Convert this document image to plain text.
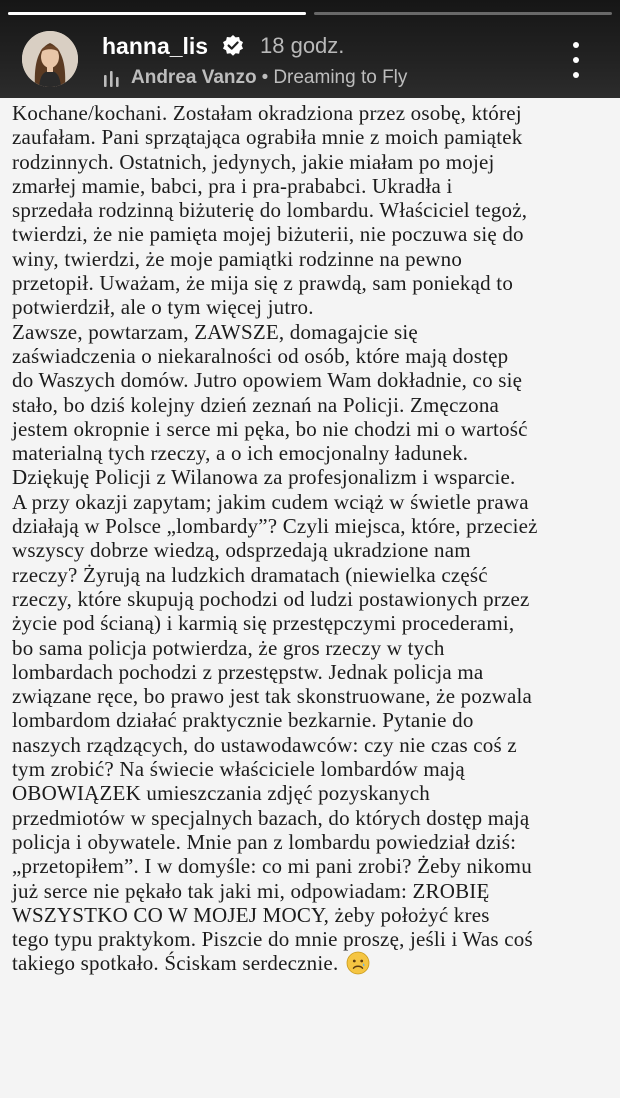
hanna_lis 18 godz.
Andrea Vanzo • Dreaming to Fly
Kochane/kochani. Zostałam okradziona przez osobę, której
zaufałam. Pani sprzątająca ograbiła mnie z moich pamiątek
rodzinnych. Ostatnich, jedynych, jakie miałam po mojej
zmarłej mamie, babci, pra i pra-prababci. Ukradła i
sprzedała rodzinną biżuterię do lombardu. Właściciel tegoż,
twierdzi, że nie pamięta mojej biżuterii, nie poczuwa się do
winy, twierdzi, że moje pamiątki rodzinne na pewno
przetopił. Uważam, że mija się z prawdą, sam poniekąd to
potwierdził, ale o tym więcej jutro.
Zawsze, powtarzam, ZAWSZE, domagajcie się
zaświadczenia o niekaralności od osób, które mają dostęp
do Waszych domów. Jutro opowiem Wam dokładnie, co się
stało, bo dziś kolejny dzień zeznań na Policji. Zmęczona
jestem okropnie i serce mi pęka, bo nie chodzi mi o wartość
materialną tych rzeczy, a o ich emocjonalny ładunek.
Dziękuję Policji z Wilanowa za profesjonalizm i wsparcie.
A przy okazji zapytam; jakim cudem wciąż w świetle prawa
działają w Polsce „lombardy”? Czyli miejsca, które, przecież
wszyscy dobrze wiedzą, odsprzedają ukradzione nam
rzeczy? Żyrują na ludzkich dramatach (niewielka część
rzeczy, które skupują pochodzi od ludzi postawionych przez
życie pod ścianą) i karmią się przestępczymi procederami,
bo sama policja potwierdza, że gros rzeczy w tych
lombardach pochodzi z przestępstw. Jednak policja ma
związane ręce, bo prawo jest tak skonstruowane, że pozwala
lombardom działać praktycznie bezkarnie. Pytanie do
naszych rządzących, do ustawodawców: czy nie czas coś z
tym zrobić? Na świecie właściciele lombardów mają
OBOWIĄZEK umieszczania zdjęć pozyskanych
przedmiotów w specjalnych bazach, do których dostęp mają
policja i obywatele. Mnie pan z lombardu powiedział dziś:
„przetopiłem”. I w domyśle: co mi pani zrobi? Żeby nikomu
już serce nie pękało tak jaki mi, odpowiadam: ZROBIĘ
WSZYSTKO CO W MOJEJ MOCY, żeby położyć kres
tego typu praktykom. Piszcie do mnie proszę, jeśli i Was coś
takiego spotkało. Ściskam serdecznie.
